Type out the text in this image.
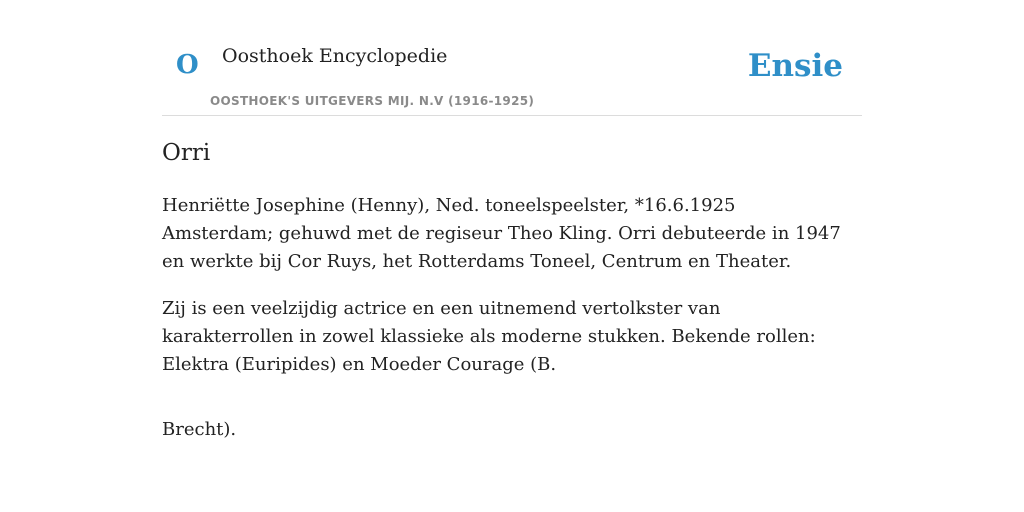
O Oosthoek Encyclopedie
OOSTHOEK'S UITGEVERS MIJ. N.V (1916-1925)
Ensie
Orri

Henriëtte Josephine (Henny), Ned. toneelspeelster, *16.6.1925 Amsterdam; gehuwd met de regiseur Theo Kling. Orri debuteerde in 1947 en werkte bij Cor Ruys, het Rotterdams Toneel, Centrum en Theater.

Zij is een veelzijdig actrice en een uitnemend vertolkster van karakterrollen in zowel klassieke als moderne stukken. Bekende rollen: Elektra (Euripides) en Moeder Courage (B.

Brecht).
